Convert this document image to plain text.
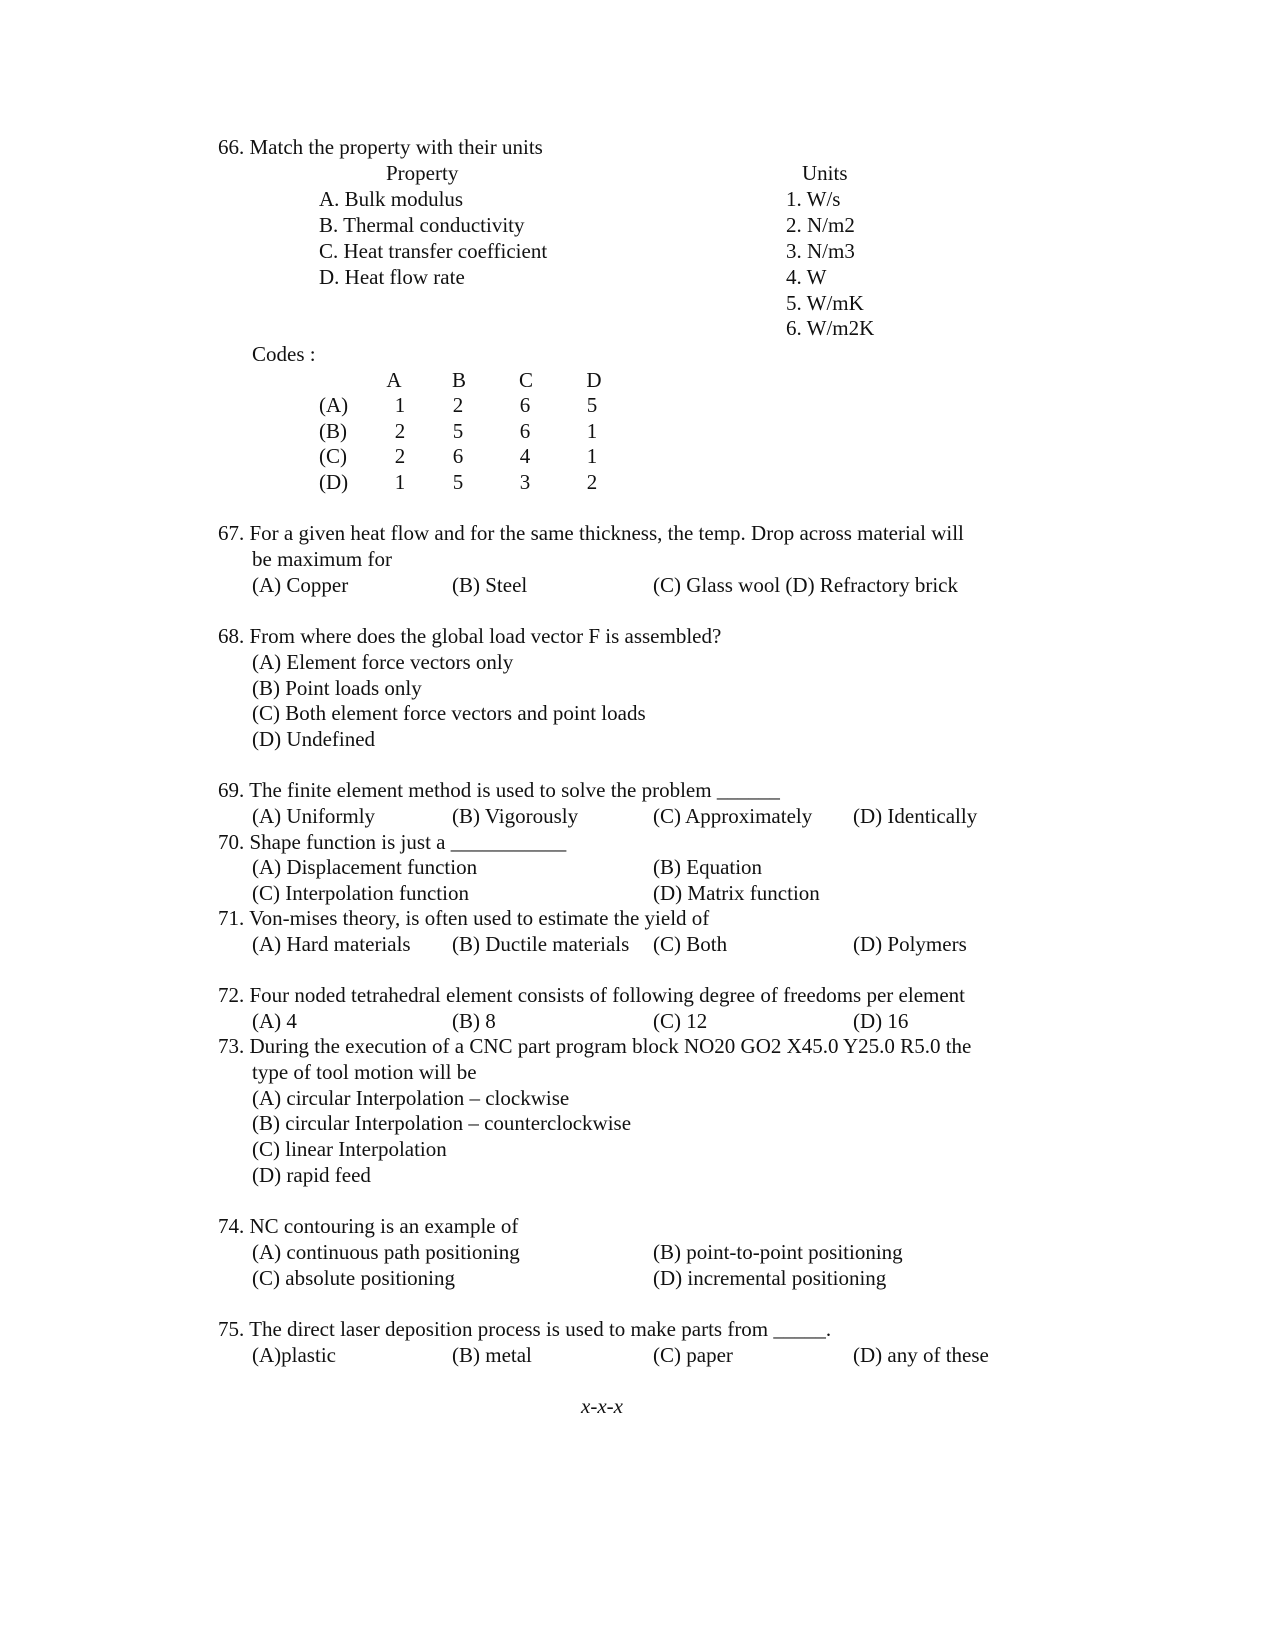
66. Match the property with their units
Property	Units
A. Bulk modulus
B. Thermal conductivity
C. Heat transfer coefficient
D. Heat flow rate
1. W/s
2. N/m2
3. N/m3
4. W
5. W/mK
6. W/m2K
Codes :
A	B	C	D
(A)	1	2	6	5
(B)	2	5	6	1
(C)	2	6	4	1
(D)	1	5	3	2
67. For a given heat flow and for the same thickness, the temp. Drop across material will
be maximum for
(A) Copper	(B) Steel	(C) Glass wool (D) Refractory brick
68. From where does the global load vector F is assembled?
(A) Element force vectors only
(B) Point loads only
(C) Both element force vectors and point loads
(D) Undefined
69. The finite element method is used to solve the problem ______
(A) Uniformly	(B) Vigorously	(C) Approximately (D) Identically
70. Shape function is just a ___________
(A) Displacement function	(B) Equation
(C) Interpolation function	(D) Matrix function
71. Von-mises theory, is often used to estimate the yield of
(A) Hard materials (B) Ductile materials (C) Both	(D) Polymers
72. Four noded tetrahedral element consists of following degree of freedoms per element
(A) 4	(B) 8	(C) 12	(D) 16
73. During the execution of a CNC part program block NO20 GO2 X45.0 Y25.0 R5.0 the
type of tool motion will be
(A) circular Interpolation – clockwise
(B) circular Interpolation – counterclockwise
(C) linear Interpolation
(D) rapid feed
74. NC contouring is an example of
(A) continuous path positioning	(B) point-to-point positioning
(C) absolute positioning	(D) incremental positioning
75. The direct laser deposition process is used to make parts from _____.
(A)plastic	(B) metal	(C) paper	(D) any of these
x-x-x
